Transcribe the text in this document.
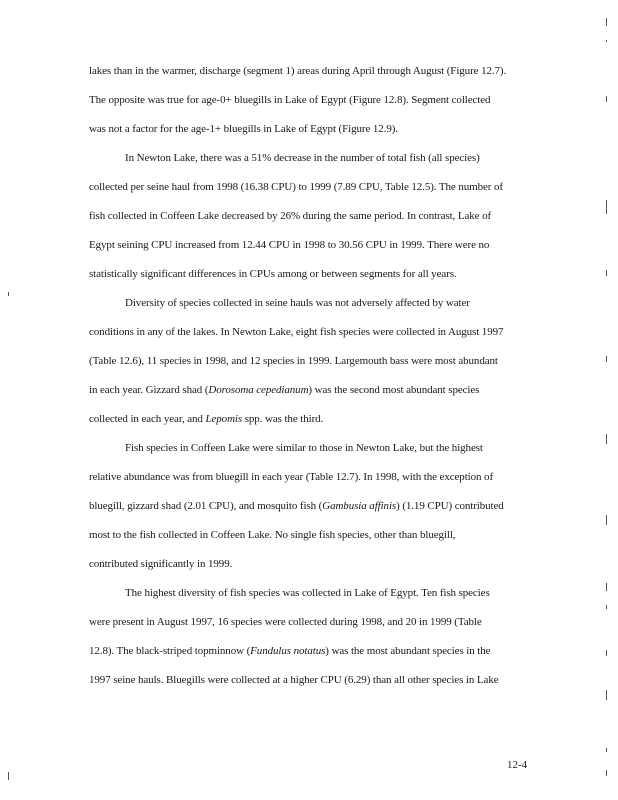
lakes than in the warmer, discharge (segment 1) areas during April through August (Figure 12.7).
The opposite was true for age-0+ bluegills in Lake of Egypt (Figure 12.8). Segment collected
was not a factor for the age-1+ bluegills in Lake of Egypt (Figure 12.9).
In Newton Lake, there was a 51% decrease in the number of total fish (all species)
collected per seine haul from 1998 (16.38 CPU) to 1999 (7.89 CPU, Table 12.5). The number of
fish collected in Coffeen Lake decreased by 26% during the same period. In contrast, Lake of
Egypt seining CPU increased from 12.44 CPU in 1998 to 30.56 CPU in 1999. There were no
statistically significant differences in CPUs among or between segments for all years.
Diversity of species collected in seine hauls was not adversely affected by water
conditions in any of the lakes. In Newton Lake, eight fish species were collected in August 1997
(Table 12.6), 11 species in 1998, and 12 species in 1999. Largemouth bass were most abundant
in each year. Gizzard shad (Dorosoma cepedianum) was the second most abundant species
collected in each year, and Lepomis spp. was the third.
Fish species in Coffeen Lake were similar to those in Newton Lake, but the highest
relative abundance was from bluegill in each year (Table 12.7). In 1998, with the exception of
bluegill, gizzard shad (2.01 CPU), and mosquito fish (Gambusia affinis) (1.19 CPU) contributed
most to the fish collected in Coffeen Lake. No single fish species, other than bluegill,
contributed significantly in 1999.
The highest diversity of fish species was collected in Lake of Egypt. Ten fish species
were present in August 1997, 16 species were collected during 1998, and 20 in 1999 (Table
12.8). The black-striped topminnow (Fundulus notatus) was the most abundant species in the
1997 seine hauls. Bluegills were collected at a higher CPU (6.29) than all other species in Lake
12-4
